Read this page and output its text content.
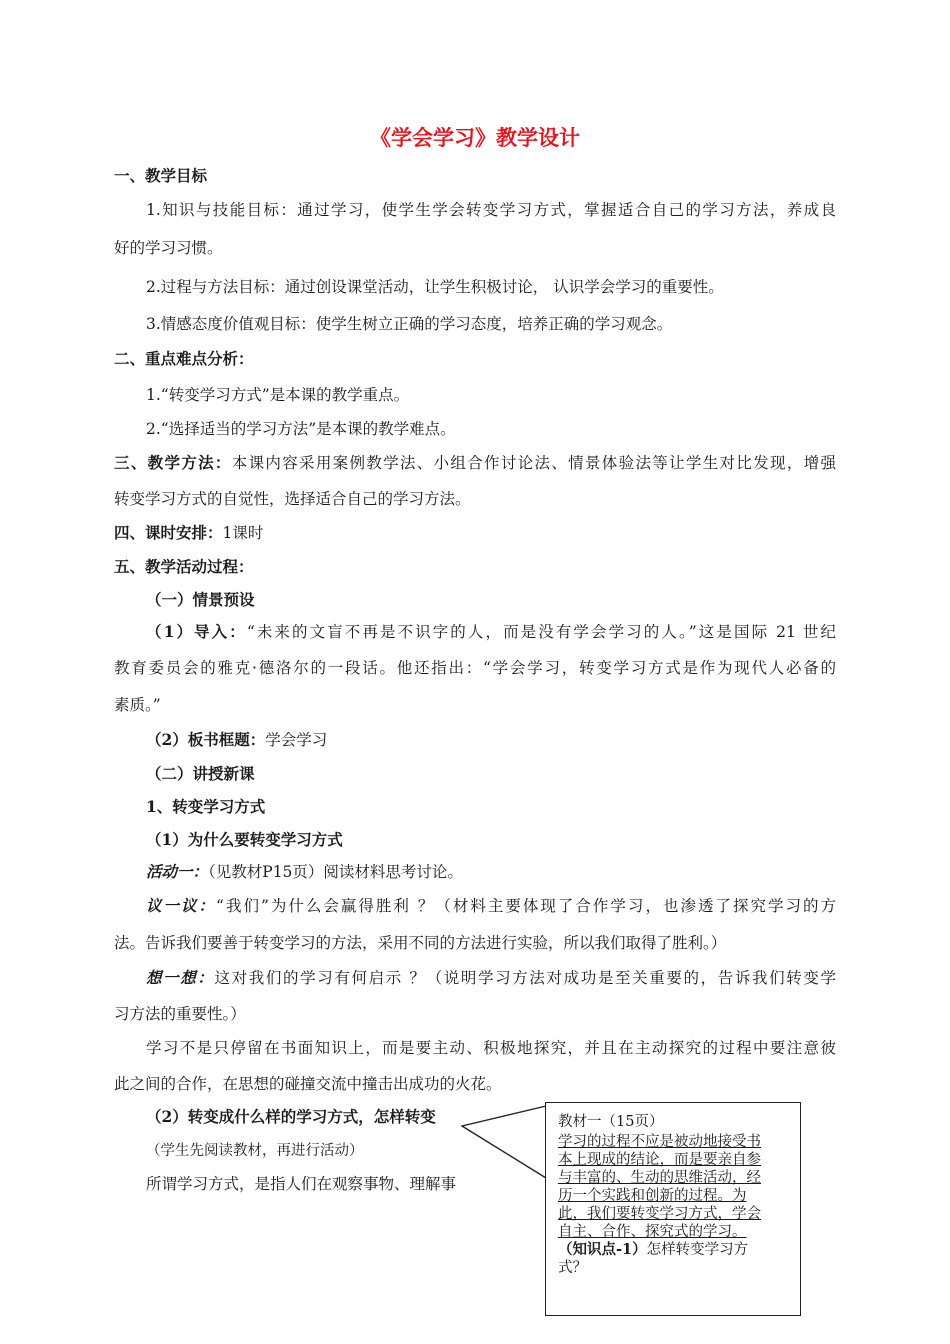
《学会学习》教学设计
一、教学目标
1.知识与技能目标：通过学习，使学生学会转变学习方式，掌握适合自己的学习方法，养成良
好的学习习惯。
2.过程与方法目标：通过创设课堂活动，让学生积极讨论， 认识学会学习的重要性。
3.情感态度价值观目标：使学生树立正确的学习态度，培养正确的学习观念。
二、重点难点分析：
1.“转变学习方式”是本课的教学重点。
2.“选择适当的学习方法”是本课的教学难点。
三、教学方法：本课内容采用案例教学法、小组合作讨论法、情景体验法等让学生对比发现，增强
转变学习方式的自觉性，选择适合自己的学习方法。
四、课时安排：1课时
五、教学活动过程：
（一）情景预设
（1）导入：“未来的文盲不再是不识字的人，而是没有学会学习的人。”这是国际 21 世纪
教育委员会的雅克·德洛尔的一段话。他还指出：“学会学习，转变学习方式是作为现代人必备的
素质。”
（2）板书框题：学会学习
（二）讲授新课
1、转变学习方式
（1）为什么要转变学习方式
活动一：（见教材P15页）阅读材料思考讨论。
议一议：“我们”为什么会赢得胜利 ？（材料主要体现了合作学习，也渗透了探究学习的方
法。告诉我们要善于转变学习的方法，采用不同的方法进行实验，所以我们取得了胜利。）
想一想：这对我们的学习有何启示 ？（说明学习方法对成功是至关重要的，告诉我们转变学
习方法的重要性。）
学习不是只停留在书面知识上，而是要主动、积极地探究，并且在主动探究的过程中要注意彼
此之间的合作，在思想的碰撞交流中撞击出成功的火花。
（2）转变成什么样的学习方式，怎样转变
（学生先阅读教材，再进行活动）
所谓学习方式，是指人们在观察事物、理解事
教材一（15页）
学习的过程不应是被动地接受书
本上现成的结论，而是要亲自参
与丰富的、生动的思维活动，经
历一个实践和创新的过程。为
此，我们要转变学习方式，学会
自主、合作、探究式的学习。
（知识点-1）怎样转变学习方
式？
